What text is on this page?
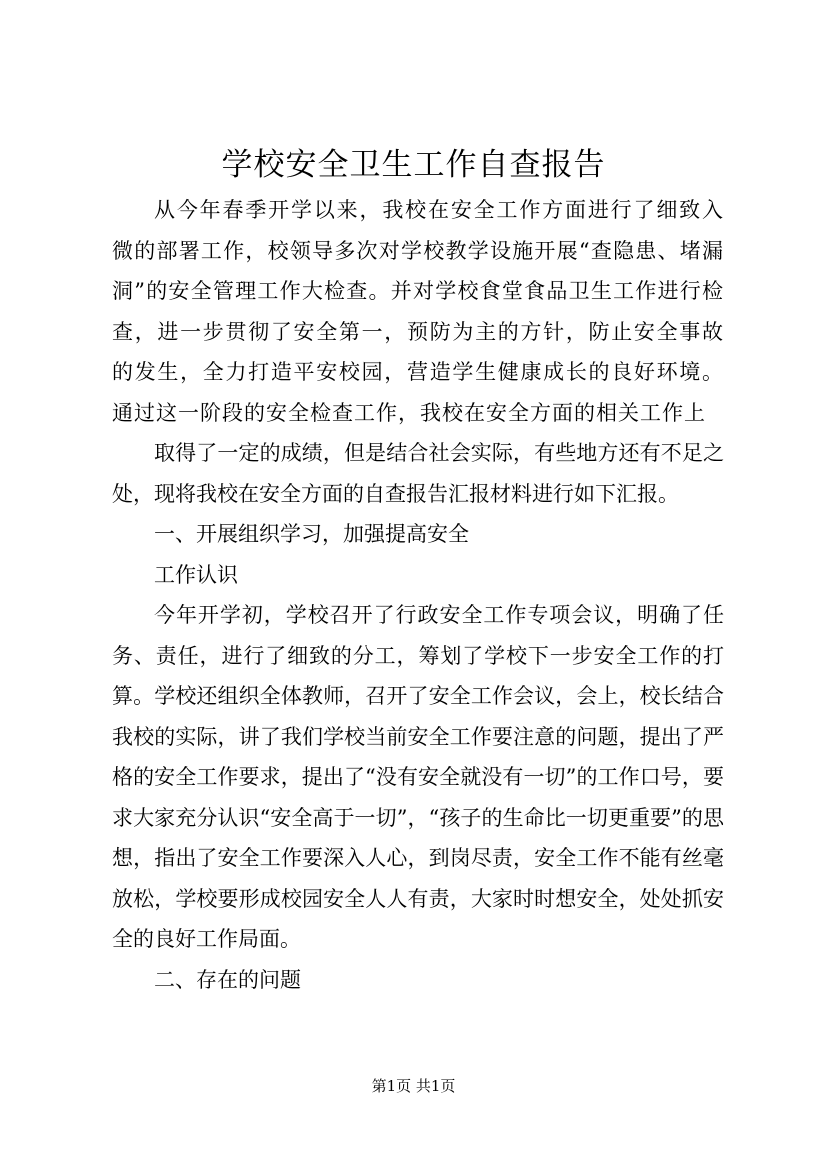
学校安全卫生工作自查报告

从今年春季开学以来，我校在安全工作方面进行了细致入微的部署工作，校领导多次对学校教学设施开展“查隐患、堵漏洞”的安全管理工作大检查。并对学校食堂食品卫生工作进行检查，进一步贯彻了安全第一，预防为主的方针，防止安全事故的发生，全力打造平安校园，营造学生健康成长的良好环境。通过这一阶段的安全检查工作，我校在安全方面的相关工作上

取得了一定的成绩，但是结合社会实际，有些地方还有不足之处，现将我校在安全方面的自查报告汇报材料进行如下汇报。

一、开展组织学习，加强提高安全

工作认识

今年开学初，学校召开了行政安全工作专项会议，明确了任务、责任，进行了细致的分工，筹划了学校下一步安全工作的打算。学校还组织全体教师，召开了安全工作会议，会上，校长结合我校的实际，讲了我们学校当前安全工作要注意的问题，提出了严格的安全工作要求，提出了“没有安全就没有一切”的工作口号，要求大家充分认识“安全高于一切”，“孩子的生命比一切更重要”的思想，指出了安全工作要深入人心，到岗尽责，安全工作不能有丝毫放松，学校要形成校园安全人人有责，大家时时想安全，处处抓安全的良好工作局面。

二、存在的问题

第1页 共1页
